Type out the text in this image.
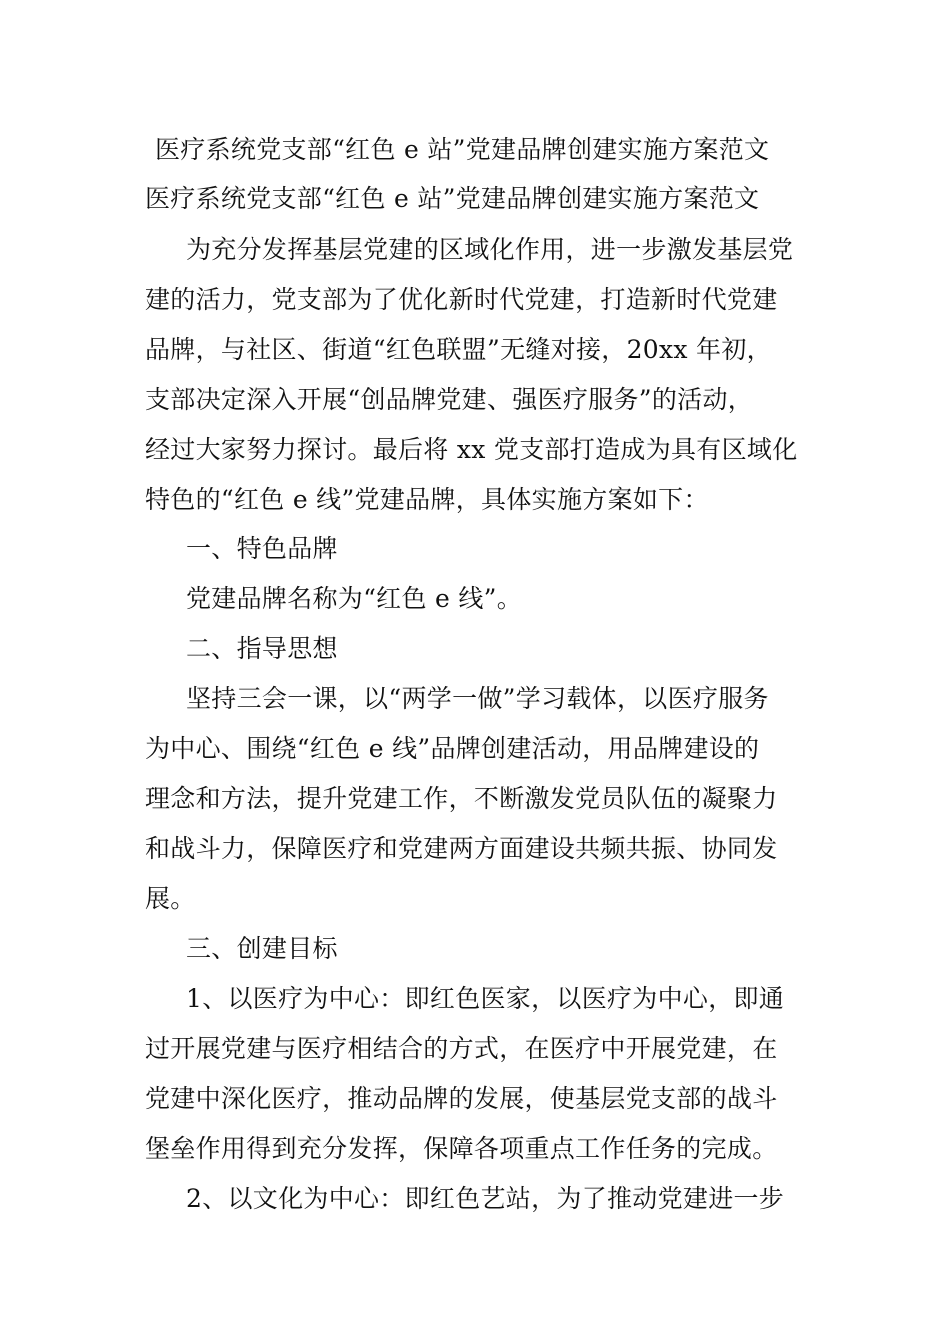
医疗系统党支部“红色 e 站”党建品牌创建实施方案范文
医疗系统党支部“红色 e 站”党建品牌创建实施方案范文
为充分发挥基层党建的区域化作用，进一步激发基层党
建的活力，党支部为了优化新时代党建，打造新时代党建
品牌，与社区、街道“红色联盟”无缝对接，20xx 年初，
支部决定深入开展“创品牌党建、强医疗服务”的活动，
经过大家努力探讨。最后将 xx 党支部打造成为具有区域化
特色的“红色 e 线”党建品牌，具体实施方案如下：
一、特色品牌
党建品牌名称为“红色 e 线”。
二、指导思想
坚持三会一课，以“两学一做”学习载体，以医疗服务
为中心、围绕“红色 e 线”品牌创建活动，用品牌建设的
理念和方法，提升党建工作，不断激发党员队伍的凝聚力
和战斗力，保障医疗和党建两方面建设共频共振、协同发
展。
三、创建目标
1、以医疗为中心：即红色医家，以医疗为中心，即通
过开展党建与医疗相结合的方式，在医疗中开展党建，在
党建中深化医疗，推动品牌的发展，使基层党支部的战斗
堡垒作用得到充分发挥，保障各项重点工作任务的完成。
2、以文化为中心：即红色艺站，为了推动党建进一步
